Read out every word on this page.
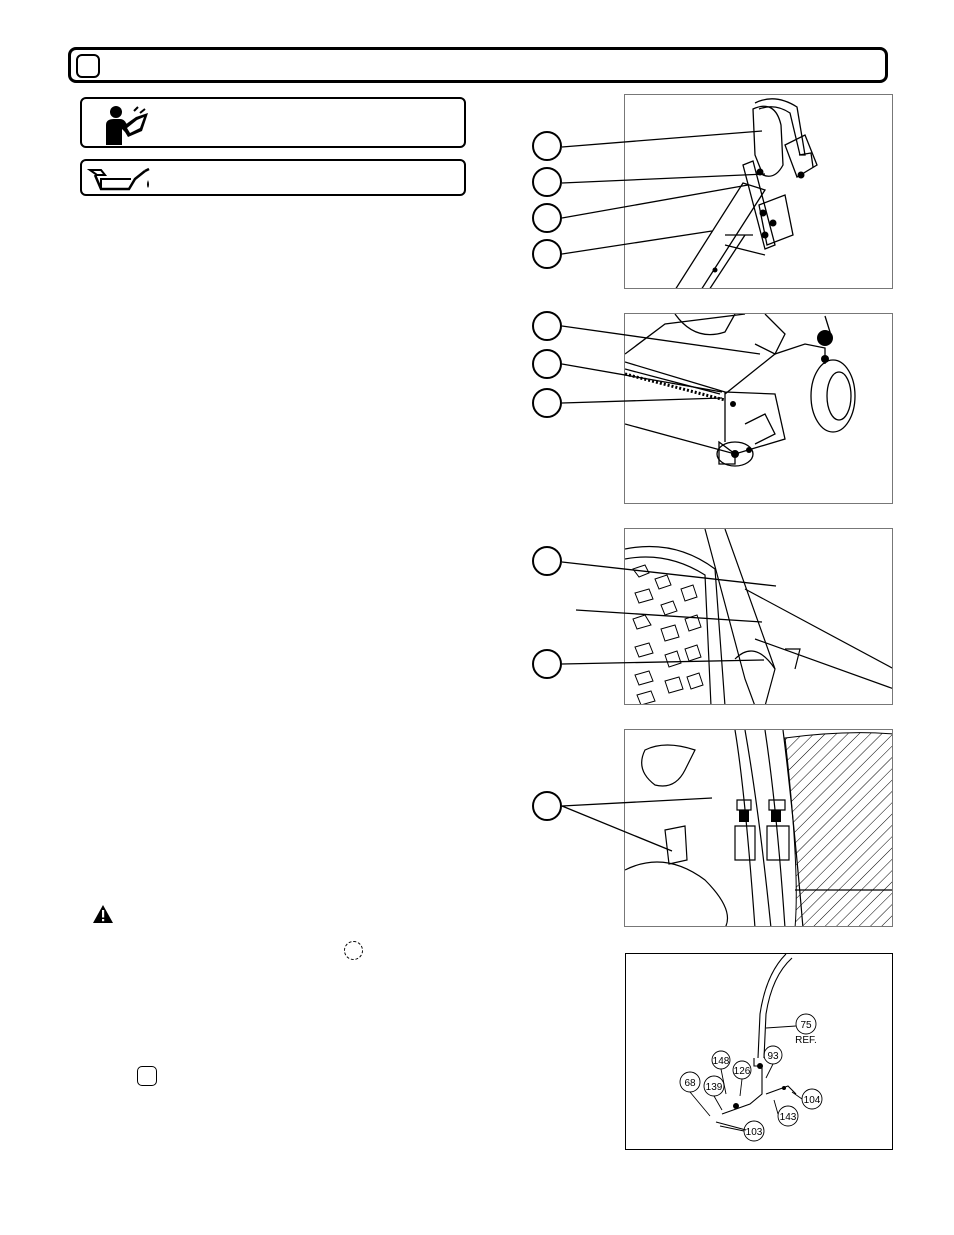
75
REF.
93
148
126
68 139
104
143
103
